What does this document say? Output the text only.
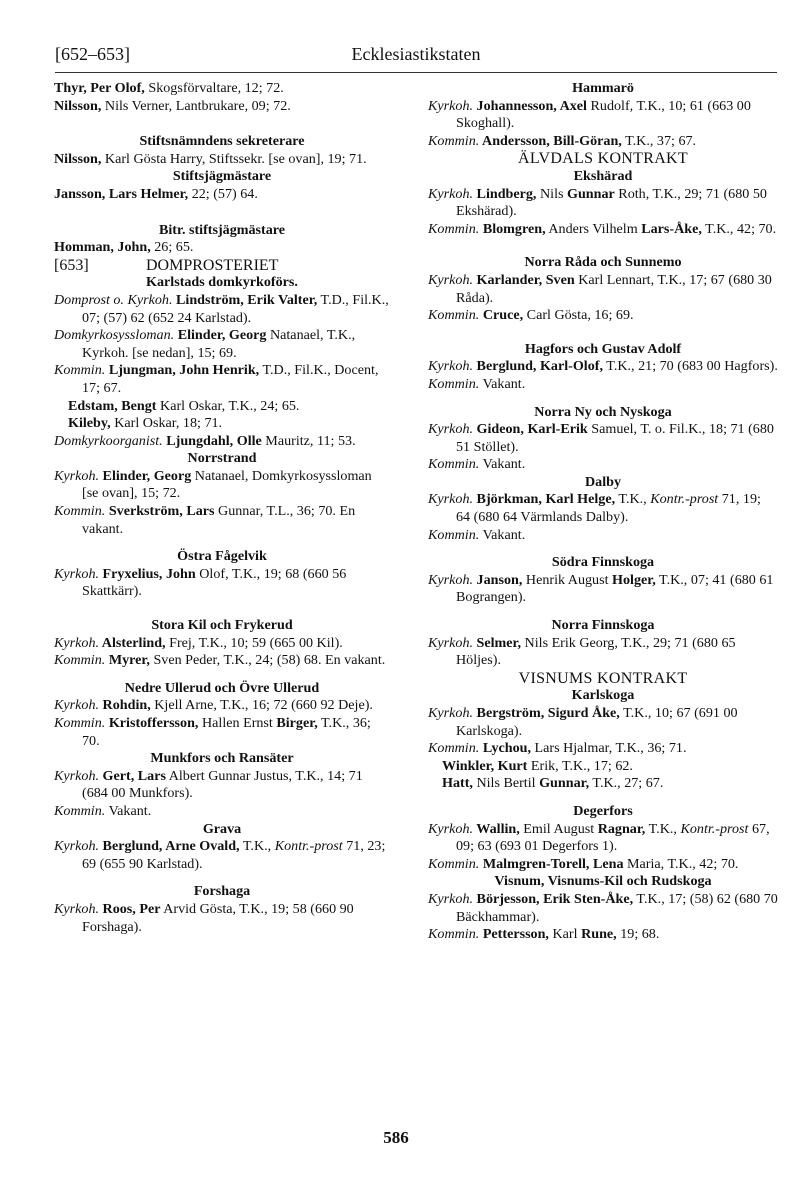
[652–653]	Ecklesiastikstaten

Thyr, Per Olof, Skogsförvaltare, 12; 72.

Nilsson, Nils Verner, Lantbrukare, 09; 72.

Stiftsnämndens sekreterare

Nilsson, Karl Gösta Harry, Stiftssekr. [se ovan], 19; 71.

Stiftsjägmästare

Jansson, Lars Helmer, 22; (57) 64.

Bitr. stiftsjägmästare

Homman, John, 26; 65.

[653]	DOMPROSTERIET

Karlstads domkyrkoförs.

Domprost o. Kyrkoh. Lindström, Erik Valter, T.D., Fil.K., 07; (57) 62 (652 24 Karlstad).

Domkyrkosyssloman. Elinder, Georg Natanael, T.K., Kyrkoh. [se nedan], 15; 69.

Kommin. Ljungman, John Henrik, T.D., Fil.K., Docent, 17; 67.

Edstam, Bengt Karl Oskar, T.K., 24; 65.

Kileby, Karl Oskar, 18; 71.

Domkyrkoorganist. Ljungdahl, Olle Mauritz, 11; 53.

Norrstrand

Kyrkoh. Elinder, Georg Natanael, Domkyrkosyssloman [se ovan], 15; 72.

Kommin. Sverkström, Lars Gunnar, T.L., 36; 70. En vakant.

Östra Fågelvik

Kyrkoh. Fryxelius, John Olof, T.K., 19; 68 (660 56 Skattkärr).

Stora Kil och Frykerud

Kyrkoh. Alsterlind, Frej, T.K., 10; 59 (665 00 Kil).

Kommin. Myrer, Sven Peder, T.K., 24; (58) 68. En vakant.

Nedre Ullerud och Övre Ullerud

Kyrkoh. Rohdin, Kjell Arne, T.K., 16; 72 (660 92 Deje).

Kommin. Kristoffersson, Hallen Ernst Birger, T.K., 36; 70.

Munkfors och Ransäter

Kyrkoh. Gert, Lars Albert Gunnar Justus, T.K., 14; 71 (684 00 Munkfors).

Kommin. Vakant.

Grava

Kyrkoh. Berglund, Arne Ovald, T.K., Kontr.-prost 71, 23; 69 (655 90 Karlstad).

Forshaga

Kyrkoh. Roos, Per Arvid Gösta, T.K., 19; 58 (660 90 Forshaga).

Hammarö

Kyrkoh. Johannesson, Axel Rudolf, T.K., 10; 61 (663 00 Skoghall).

Kommin. Andersson, Bill-Göran, T.K., 37; 67.

ÄLVDALS KONTRAKT

Ekshärad

Kyrkoh. Lindberg, Nils Gunnar Roth, T.K., 29; 71 (680 50 Ekshärad).

Kommin. Blomgren, Anders Vilhelm Lars-Åke, T.K., 42; 70.

Norra Råda och Sunnemo

Kyrkoh. Karlander, Sven Karl Lennart, T.K., 17; 67 (680 30 Råda).

Kommin. Cruce, Carl Gösta, 16; 69.

Hagfors och Gustav Adolf

Kyrkoh. Berglund, Karl-Olof, T.K., 21; 70 (683 00 Hagfors).

Kommin. Vakant.

Norra Ny och Nyskoga

Kyrkoh. Gideon, Karl-Erik Samuel, T. o. Fil.K., 18; 71 (680 51 Stöllet).

Kommin. Vakant.

Dalby

Kyrkoh. Björkman, Karl Helge, T.K., Kontr.-prost 71, 19; 64 (680 64 Värmlands Dalby).

Kommin. Vakant.

Södra Finnskoga

Kyrkoh. Janson, Henrik August Holger, T.K., 07; 41 (680 61 Bograngen).

Norra Finnskoga

Kyrkoh. Selmer, Nils Erik Georg, T.K., 29; 71 (680 65 Höljes).

VISNUMS KONTRAKT

Karlskoga

Kyrkoh. Bergström, Sigurd Åke, T.K., 10; 67 (691 00 Karlskoga).

Kommin. Lychou, Lars Hjalmar, T.K., 36; 71.

Winkler, Kurt Erik, T.K., 17; 62.

Hatt, Nils Bertil Gunnar, T.K., 27; 67.

Degerfors

Kyrkoh. Wallin, Emil August Ragnar, T.K., Kontr.-prost 67, 09; 63 (693 01 Degerfors 1).

Kommin. Malmgren-Torell, Lena Maria, T.K., 42; 70.

Visnum, Visnums-Kil och Rudskoga

Kyrkoh. Börjesson, Erik Sten-Åke, T.K., 17; (58) 62 (680 70 Bäckhammar).

Kommin. Pettersson, Karl Rune, 19; 68.

586
